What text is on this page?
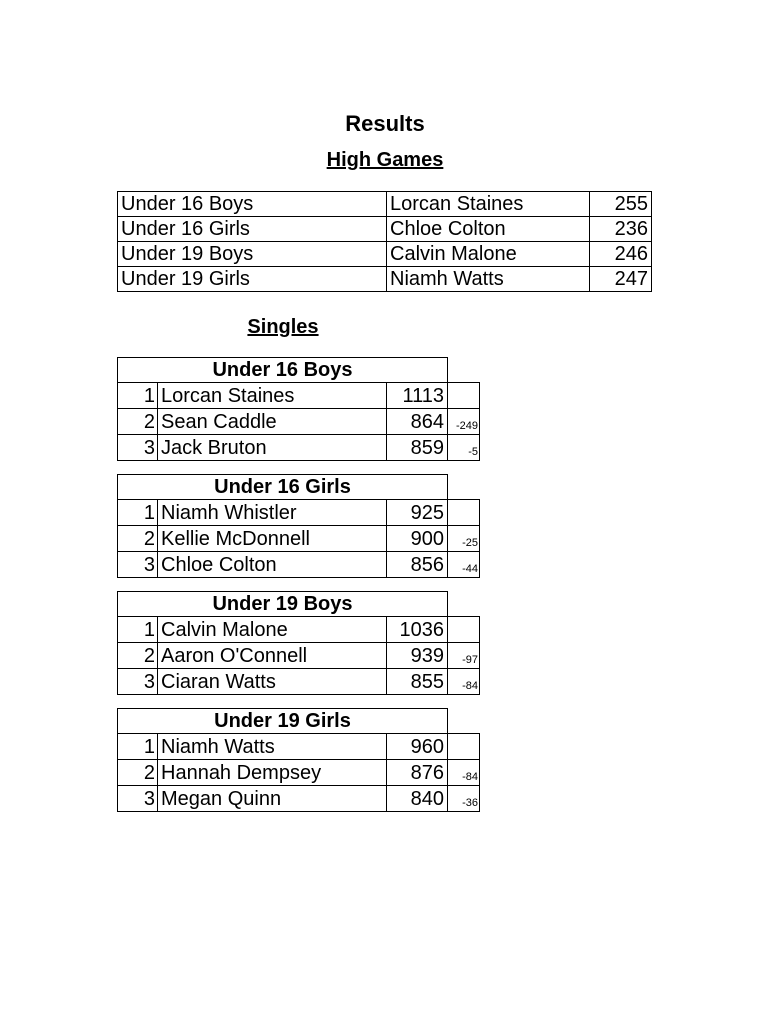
Results
High Games
Under 16 Boys	Lorcan Staines	255
Under 16 Girls	Chloe Colton	236
Under 19 Boys	Calvin Malone	246
Under 19 Girls	Niamh Watts	247
Singles
Under 16 Boys			
1	Lorcan Staines	1113	
2	Sean Caddle	864	-249
3	Jack Bruton	859	-5
Under 16 Girls			
1	Niamh Whistler	925	
2	Kellie McDonnell	900	-25
3	Chloe Colton	856	-44
Under 19 Boys			
1	Calvin Malone	1036	
2	Aaron O'Connell	939	-97
3	Ciaran Watts	855	-84
Under 19 Girls			
1	Niamh Watts	960	
2	Hannah Dempsey	876	-84
3	Megan Quinn	840	-36
